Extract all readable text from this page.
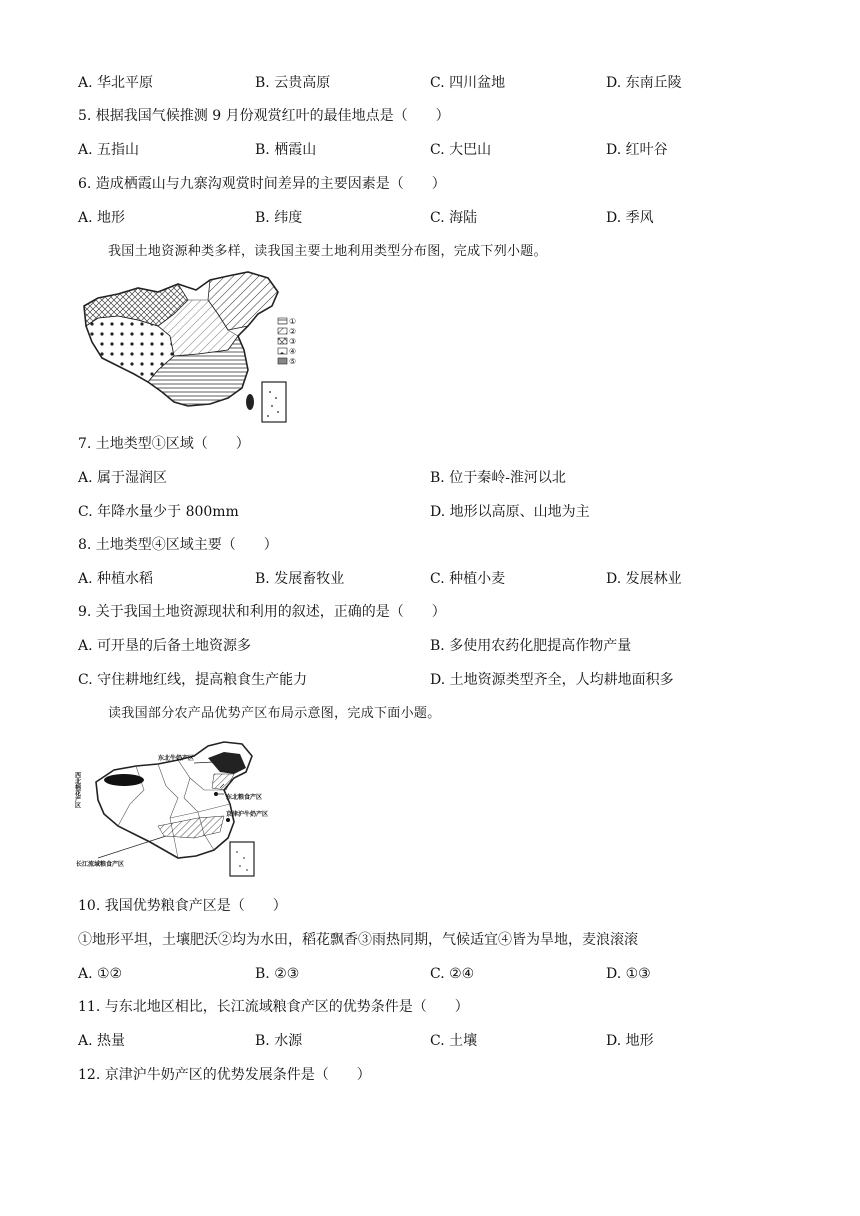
A. 华北平原	B. 云贵高原	C. 四川盆地	D. 东南丘陵
5. 根据我国气候推测 9 月份观赏红叶的最佳地点是（　　）
A. 五指山	B. 栖霞山	C. 大巴山	D. 红叶谷
6. 造成栖霞山与九寨沟观赏时间差异的主要因素是（　　）
A. 地形	B. 纬度	C. 海陆	D. 季风
我国土地资源种类多样，读我国主要土地利用类型分布图，完成下列小题。
①
②
③
④
⑤
7. 土地类型①区域（　　）
A. 属于湿润区	B. 位于秦岭-淮河以北
C. 年降水量少于 800mm	D. 地形以高原、山地为主
8. 土地类型④区域主要（　　）
A. 种植水稻	B. 发展畜牧业	C. 种植小麦	D. 发展林业
9. 关于我国土地资源现状和利用的叙述，正确的是（　　）
A. 可开垦的后备土地资源多	B. 多使用农药化肥提高作物产量
C. 守住耕地红线，提高粮食生产能力	D. 土地资源类型齐全，人均耕地面积多
读我国部分农产品优势产区布局示意图，完成下面小题。
西北棉花产区
东北牛奶产区
东北粮食产区
京津沪牛奶产区
长江流域粮食产区
10. 我国优势粮食产区是（　　）
①地形平坦，土壤肥沃②均为水田，稻花飘香③雨热同期，气候适宜④皆为旱地，麦浪滚滚
A. ①②	B. ②③	C. ②④	D. ①③
11. 与东北地区相比，长江流域粮食产区的优势条件是（　　）
A. 热量	B. 水源	C. 土壤	D. 地形
12. 京津沪牛奶产区的优势发展条件是（　　）
